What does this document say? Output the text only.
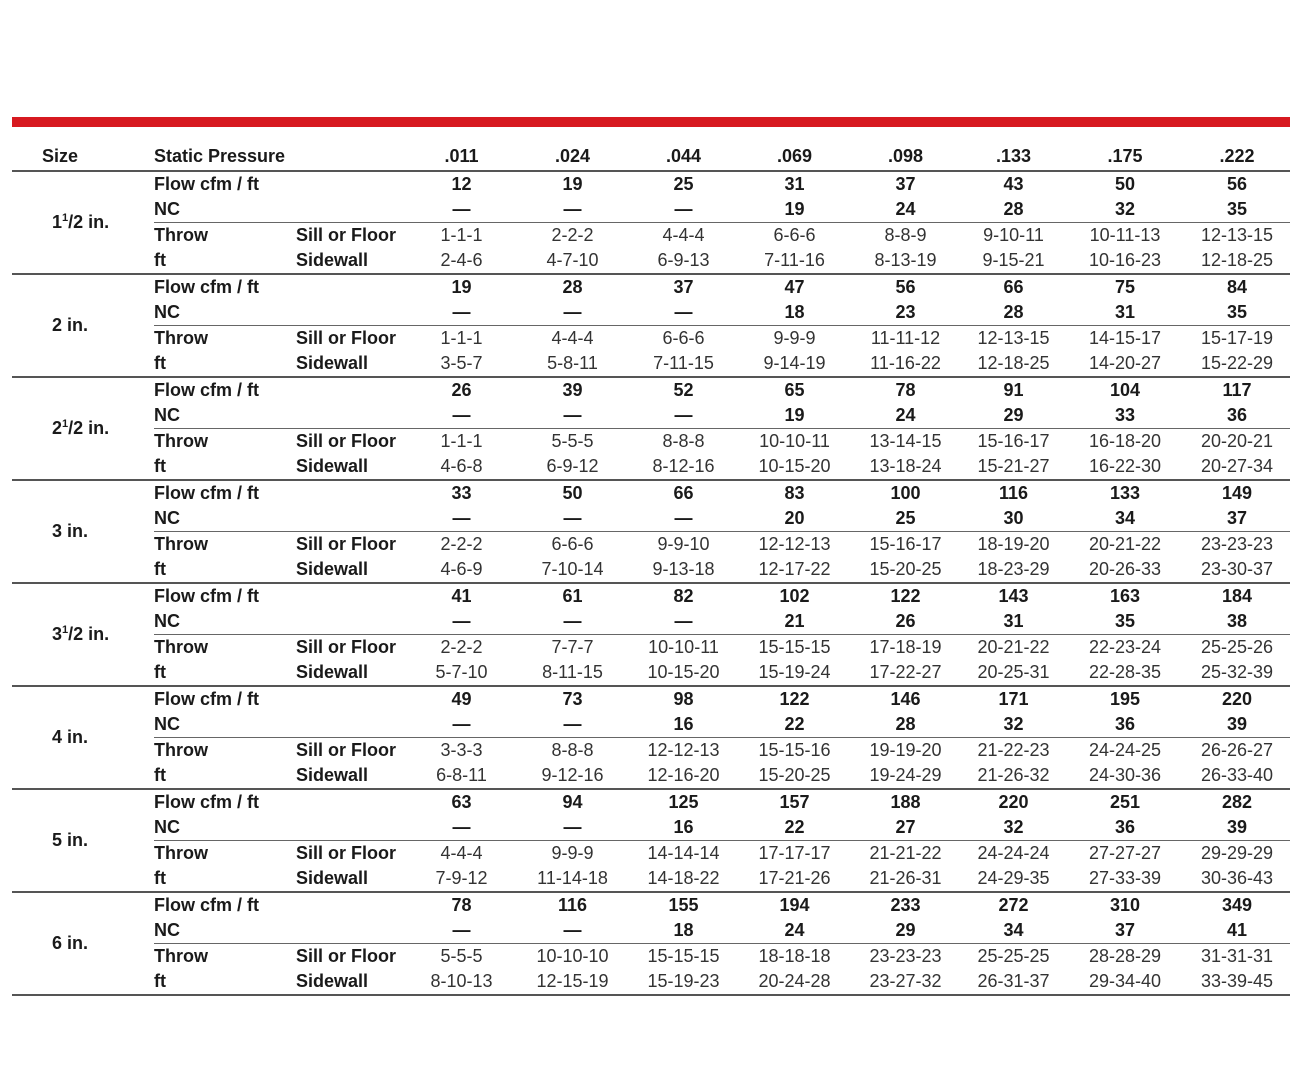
Size	Static Pressure		.011	.024	.044	.069	.098	.133	.175	.222
$1^1/2$ in.	Flow cfm / ft		12	19	25	31	37	43	50	56
	NC		—	—	—	19	24	28	32	35
	Throw	Sill or Floor	1-1-1	2-2-2	4-4-4	6-6-6	8-8-9	9-10-11	10-11-13	12-13-15
	ft	Sidewall	2-4-6	4-7-10	6-9-13	7-11-16	8-13-19	9-15-21	10-16-23	12-18-25
2 in.	Flow cfm / ft		19	28	37	47	56	66	75	84
	NC		—	—	—	18	23	28	31	35
	Throw	Sill or Floor	1-1-1	4-4-4	6-6-6	9-9-9	11-11-12	12-13-15	14-15-17	15-17-19
	ft	Sidewall	3-5-7	5-8-11	7-11-15	9-14-19	11-16-22	12-18-25	14-20-27	15-22-29
$2^1/2$ in.	Flow cfm / ft		26	39	52	65	78	91	104	117
	NC		—	—	—	19	24	29	33	36
	Throw	Sill or Floor	1-1-1	5-5-5	8-8-8	10-10-11	13-14-15	15-16-17	16-18-20	20-20-21
	ft	Sidewall	4-6-8	6-9-12	8-12-16	10-15-20	13-18-24	15-21-27	16-22-30	20-27-34
3 in.	Flow cfm / ft		33	50	66	83	100	116	133	149
	NC		—	—	—	20	25	30	34	37
	Throw	Sill or Floor	2-2-2	6-6-6	9-9-10	12-12-13	15-16-17	18-19-20	20-21-22	23-23-23
	ft	Sidewall	4-6-9	7-10-14	9-13-18	12-17-22	15-20-25	18-23-29	20-26-33	23-30-37
$3^1/2$ in.	Flow cfm / ft		41	61	82	102	122	143	163	184
	NC		—	—	—	21	26	31	35	38
	Throw	Sill or Floor	2-2-2	7-7-7	10-10-11	15-15-15	17-18-19	20-21-22	22-23-24	25-25-26
	ft	Sidewall	5-7-10	8-11-15	10-15-20	15-19-24	17-22-27	20-25-31	22-28-35	25-32-39
4 in.	Flow cfm / ft		49	73	98	122	146	171	195	220
	NC		—	—	16	22	28	32	36	39
	Throw	Sill or Floor	3-3-3	8-8-8	12-12-13	15-15-16	19-19-20	21-22-23	24-24-25	26-26-27
	ft	Sidewall	6-8-11	9-12-16	12-16-20	15-20-25	19-24-29	21-26-32	24-30-36	26-33-40
5 in.	Flow cfm / ft		63	94	125	157	188	220	251	282
	NC		—	—	16	22	27	32	36	39
	Throw	Sill or Floor	4-4-4	9-9-9	14-14-14	17-17-17	21-21-22	24-24-24	27-27-27	29-29-29
	ft	Sidewall	7-9-12	11-14-18	14-18-22	17-21-26	21-26-31	24-29-35	27-33-39	30-36-43
6 in.	Flow cfm / ft		78	116	155	194	233	272	310	349
	NC		—	—	18	24	29	34	37	41
	Throw	Sill or Floor	5-5-5	10-10-10	15-15-15	18-18-18	23-23-23	25-25-25	28-28-29	31-31-31
	ft	Sidewall	8-10-13	12-15-19	15-19-23	20-24-28	23-27-32	26-31-37	29-34-40	33-39-45
